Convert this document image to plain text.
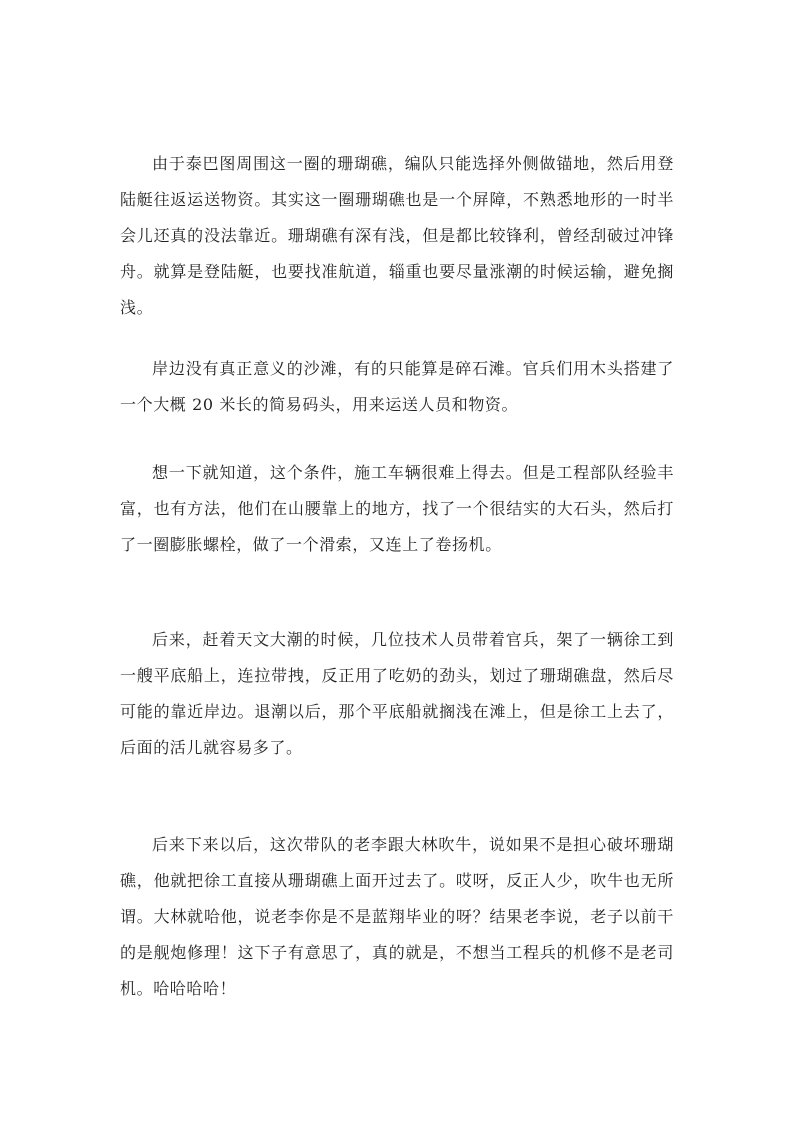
由于泰巴图周围这一圈的珊瑚礁，编队只能选择外侧做锚地，然后用登陆艇往返运送物资。其实这一圈珊瑚礁也是一个屏障，不熟悉地形的一时半会儿还真的没法靠近。珊瑚礁有深有浅，但是都比较锋利，曾经刮破过冲锋舟。就算是登陆艇，也要找准航道，辎重也要尽量涨潮的时候运输，避免搁浅。

岸边没有真正意义的沙滩，有的只能算是碎石滩。官兵们用木头搭建了一个大概 20 米长的简易码头，用来运送人员和物资。

想一下就知道，这个条件，施工车辆很难上得去。但是工程部队经验丰富，也有方法，他们在山腰靠上的地方，找了一个很结实的大石头，然后打了一圈膨胀螺栓，做了一个滑索，又连上了卷扬机。

后来，赶着天文大潮的时候，几位技术人员带着官兵，架了一辆徐工到一艘平底船上，连拉带拽，反正用了吃奶的劲头，划过了珊瑚礁盘，然后尽可能的靠近岸边。退潮以后，那个平底船就搁浅在滩上，但是徐工上去了，后面的活儿就容易多了。

后来下来以后，这次带队的老李跟大林吹牛，说如果不是担心破坏珊瑚礁，他就把徐工直接从珊瑚礁上面开过去了。哎呀，反正人少，吹牛也无所谓。大林就哈他，说老李你是不是蓝翔毕业的呀？结果老李说，老子以前干的是舰炮修理！这下子有意思了，真的就是，不想当工程兵的机修不是老司机。哈哈哈哈！
